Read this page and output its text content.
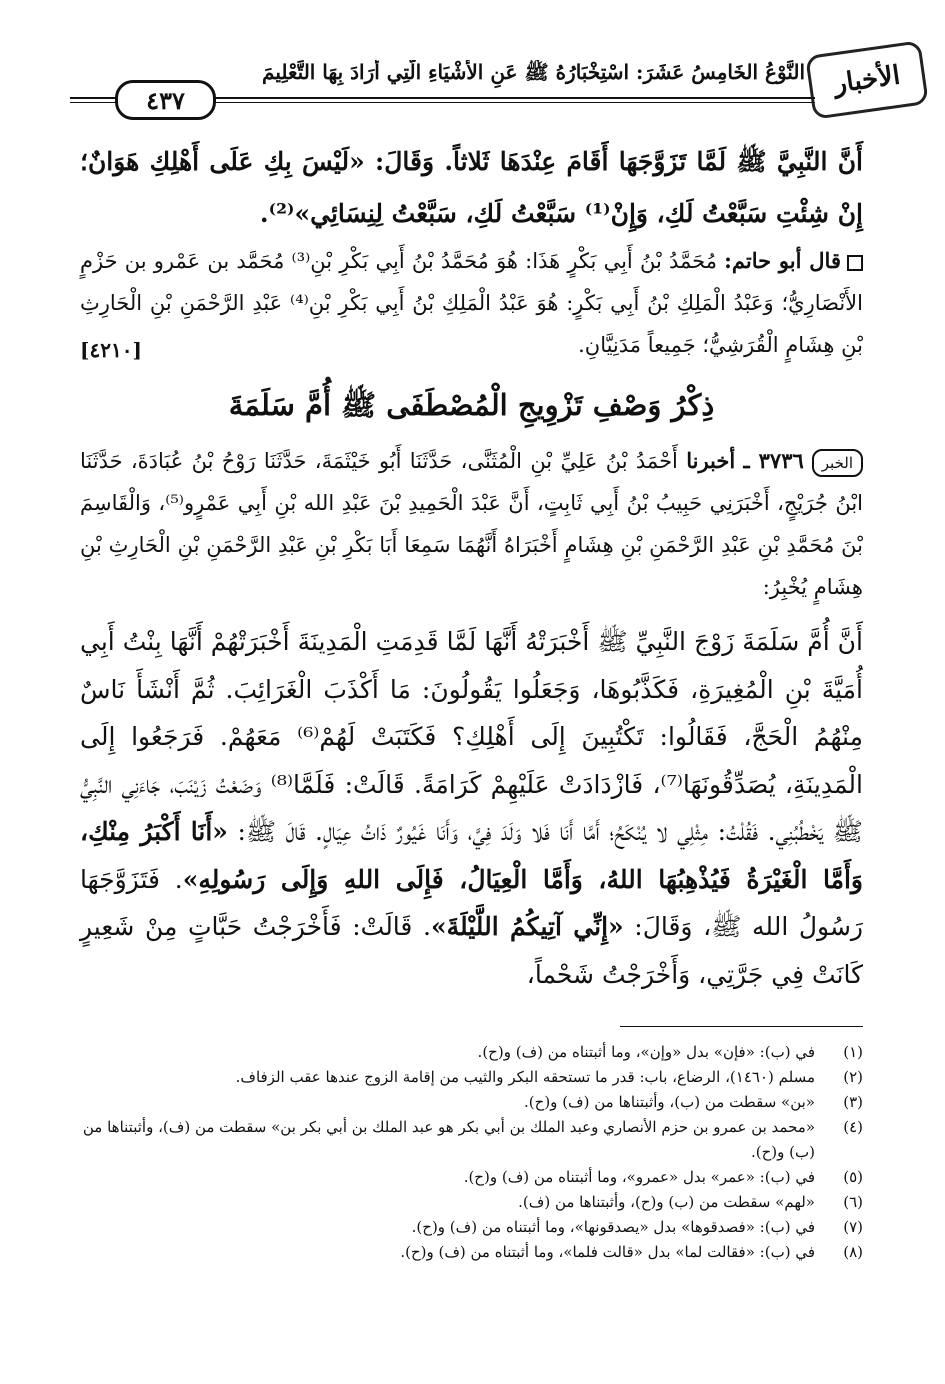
الأخبار
النَّوْعُ الخَامِسُ عَشَرَ: اسْتِخْبَارُهُ ﷺ عَنِ الأشْيَاءِ الَّتِي أَرَادَ بِهَا التَّعْلِيمَ
٤٣٧
أَنَّ النَّبِيَّ ﷺ لَمَّا تَزَوَّجَهَا أَقَامَ عِنْدَهَا ثَلاثاً. وَقَالَ: «لَيْسَ بِكِ عَلَى أَهْلِكِ هَوَانٌ؛ إِنْ شِئْتِ سَبَّعْتُ لَكِ، وَإِنْ⁽¹⁾ سَبَّعْتُ لَكِ، سَبَّعْتُ لِنِسَائِي»⁽²⁾.
قال أبو حاتم: مُحَمَّدُ بْنُ أَبِي بَكْرٍ هَذَا: هُوَ مُحَمَّدُ بْنُ أَبِي بَكْرِ بْنِ⁽³⁾ مُحَمَّد بن عَمْرو بن حَزْمٍ الأَنْصَارِيُّ؛ وَعَبْدُ الْمَلِكِ بْنُ أَبِي بَكْرٍ: هُوَ عَبْدُ الْمَلِكِ بْنُ أَبِي بَكْرِ بْنِ⁽⁴⁾ عَبْدِ الرَّحْمَنِ بْنِ الْحَارِثِ بْنِ هِشَامٍ الْقُرَشِيُّ؛ جَمِيعاً مَدَنِيَّانِ.
[٤٢١٠]
ذِكْرُ وَصْفِ تَزْوِيجِ الْمُصْطَفَى ﷺ أُمَّ سَلَمَةَ
الخبر٣٧٣٦ ـ أخبرنا أَحْمَدُ بْنُ عَلِيِّ بْنِ الْمُثَنَّى، حَدَّثَنَا أَبُو خَيْثَمَةَ، حَدَّثَنَا رَوْحُ بْنُ عُبَادَةَ، حَدَّثَنَا ابْنُ جُرَيْجٍ، أَخْبَرَنِي حَبِيبُ بْنُ أَبِي ثَابِتٍ، أَنَّ عَبْدَ الْحَمِيدِ بْنَ عَبْدِ الله بْنِ أَبِي عَمْرٍو⁽⁵⁾، وَالْقَاسِمَ بْنَ مُحَمَّدِ بْنِ عَبْدِ الرَّحْمَنِ بْنِ هِشَامٍ أَخْبَرَاهُ أَنَّهُمَا سَمِعَا أَبَا بَكْرِ بْنِ عَبْدِ الرَّحْمَنِ بْنِ الْحَارِثِ بْنِ هِشَامٍ يُخْبِرُ:
أَنَّ أُمَّ سَلَمَةَ زَوْجَ النَّبِيِّ ﷺ أَخْبَرَتْهُ أَنَّهَا لَمَّا قَدِمَتِ الْمَدِينَةَ أَخْبَرَتْهُمْ أَنَّهَا بِنْتُ أَبِي أُمَيَّةَ بْنِ الْمُغِيرَةِ، فَكَذَّبُوهَا، وَجَعَلُوا يَقُولُونَ: مَا أَكْذَبَ الْغَرَائِبَ. ثُمَّ أَنْشَأَ نَاسٌ مِنْهُمُ الْحَجَّ، فَقَالُوا: تَكْتُبِينَ إِلَى أَهْلِكِ؟ فَكَتَبَتْ لَهُمْ⁽⁶⁾ مَعَهُمْ. فَرَجَعُوا إِلَى الْمَدِينَةِ، يُصَدِّقُونَهَا⁽⁷⁾، فَازْدَادَتْ عَلَيْهِمْ كَرَامَةً. قَالَتْ: فَلَمَّا⁽⁸⁾ وَضَعْتُ زَيْنَبَ، جَاءَنِي النَّبِيُّ ﷺ يَخْطُبُنِي. فَقُلْتُ: مِثْلِي لا يُنْكَحُ؛ أَمَّا أَنَا فَلا وَلَدَ فِيَّ، وَأَنَا غَيُورٌ ذَاتُ عِيَالٍ. قَالَ ﷺ: «أَنَا أَكْبَرُ مِنْكِ، وَأَمَّا الْغَيْرَةُ فَيُذْهِبُهَا اللهُ، وَأَمَّا الْعِيَالُ، فَإِلَى اللهِ وَإِلَى رَسُولِهِ». فَتَزَوَّجَهَا رَسُولُ الله ﷺ، وَقَالَ: «إِنِّي آتِيكُمُ اللَّيْلَةَ». قَالَتْ: فَأَخْرَجْتُ حَبَّاتٍ مِنْ شَعِيرٍ كَانَتْ فِي جَرَّتِي، وَأَخْرَجْتُ شَحْماً،
(١)
في (ب): «فإن» بدل «وإن»، وما أثبتناه من (ف) و(ح).
(٢)
مسلم (١٤٦٠)، الرضاع، باب: قدر ما تستحقه البكر والثيب من إقامة الزوج عندها عقب الزفاف.
(٣)
«بن» سقطت من (ب)، وأثبتناها من (ف) و(ح).
(٤)
«محمد بن عمرو بن حزم الأنصاري وعبد الملك بن أبي بكر هو عبد الملك بن أبي بكر بن» سقطت من (ف)، وأثبتناها من (ب) و(ح).
(٥)
في (ب): «عمر» بدل «عمرو»، وما أثبتناه من (ف) و(ح).
(٦)
«لهم» سقطت من (ب) و(ح)، وأثبتناها من (ف).
(٧)
في (ب): «فصدقوها» بدل «يصدقونها»، وما أثبتناه من (ف) و(ح).
(٨)
في (ب): «فقالت لما» بدل «قالت فلما»، وما أثبتناه من (ف) و(ح).
